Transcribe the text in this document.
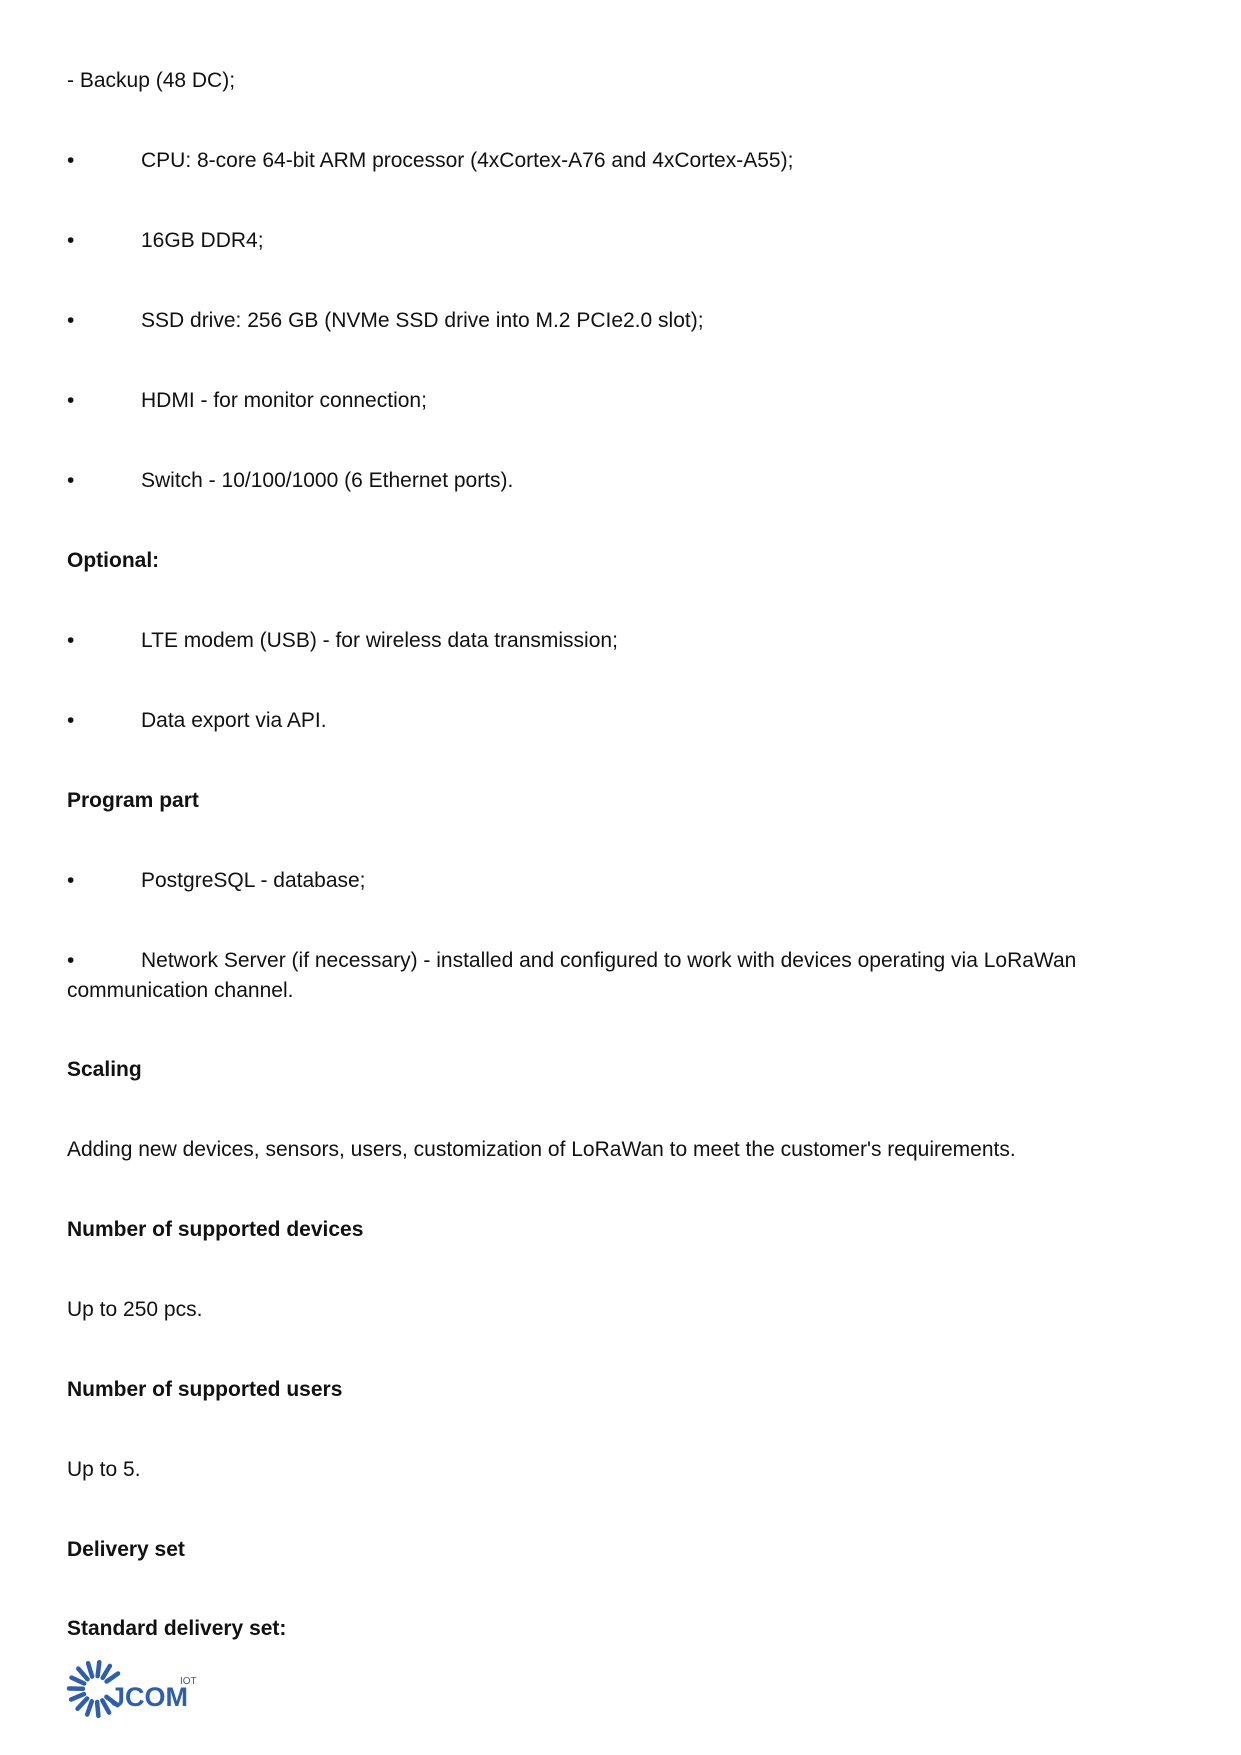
- Backup (48 DC);
•	CPU: 8-core 64-bit ARM processor (4xCortex-A76 and 4xCortex-A55);
•	16GB DDR4;
•	SSD drive: 256 GB (NVMe SSD drive into M.2 PCIe2.0 slot);
•	HDMI - for monitor connection;
•	Switch - 10/100/1000 (6 Ethernet ports).
Optional:
•	LTE modem (USB) - for wireless data transmission;
•	Data export via API.
Program part
•	PostgreSQL - database;
•	Network Server (if necessary) - installed and configured to work with devices operating via LoRaWan communication channel.
Scaling
Adding new devices, sensors, users, customization of LoRaWan to meet the customer's requirements.
Number of supported devices
Up to 250 pcs.
Number of supported users
Up to 5.
Delivery set
Standard delivery set:
JCOM
IOT
